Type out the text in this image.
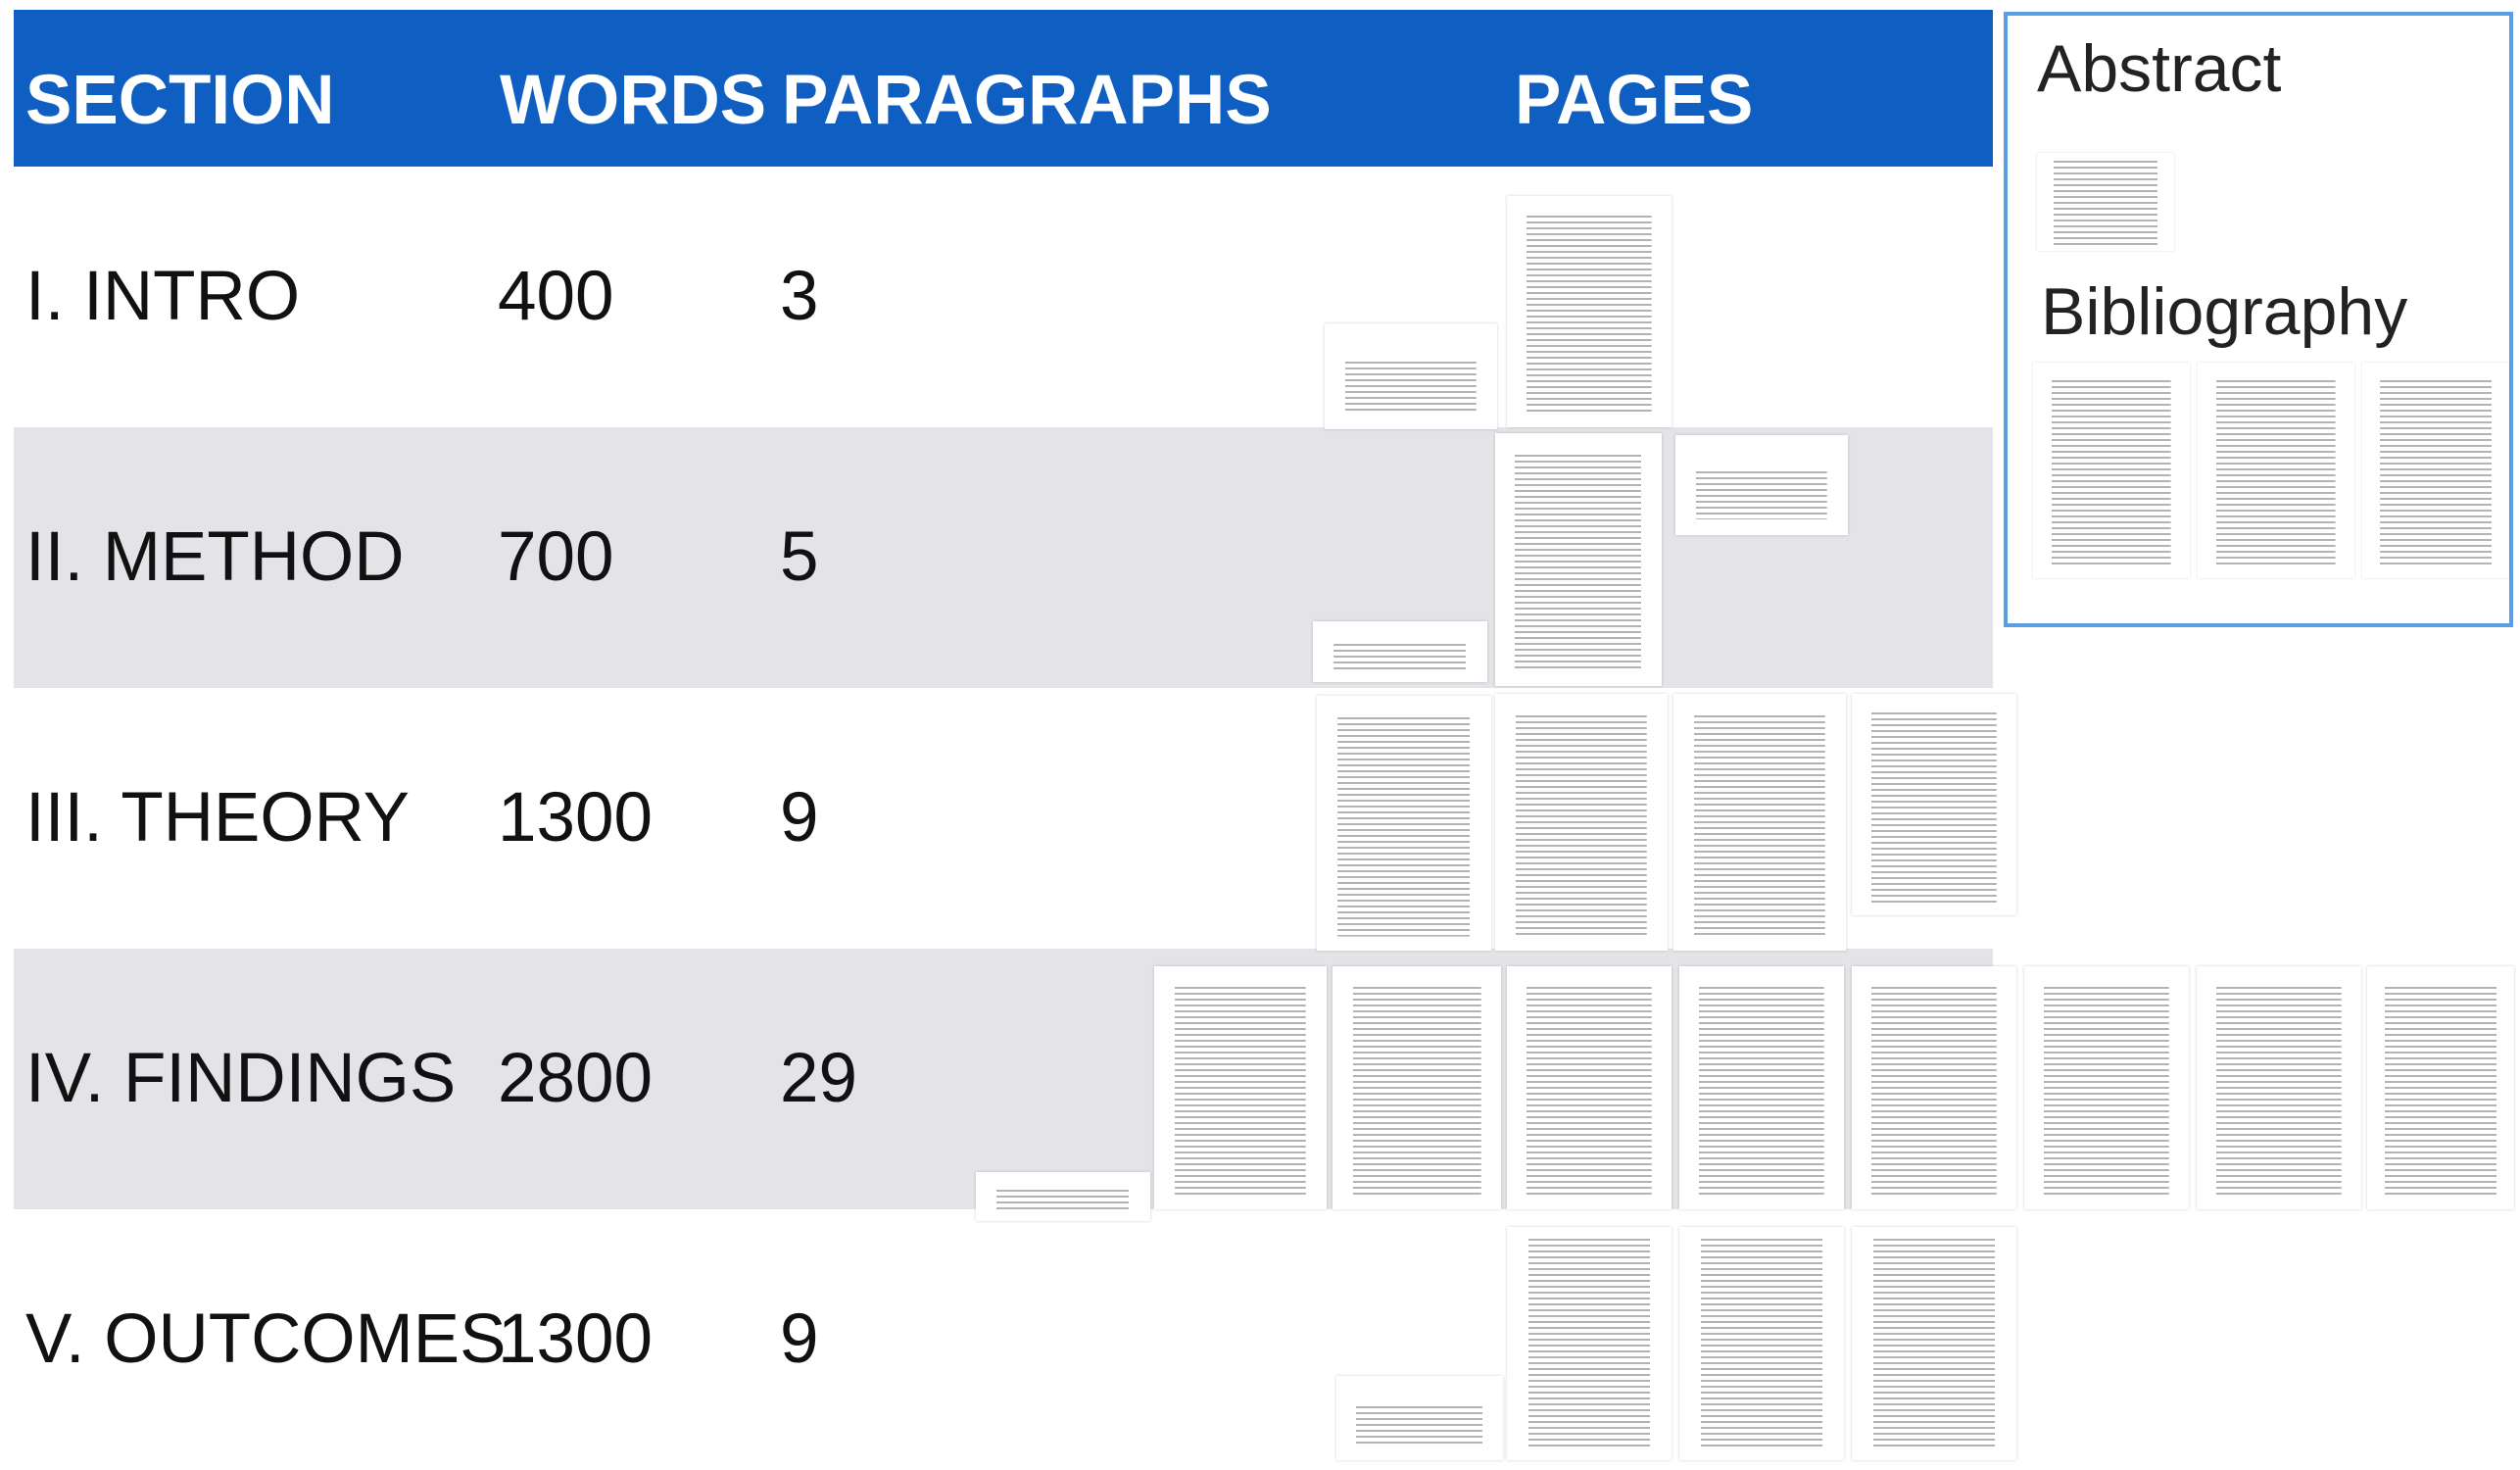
SECTION WORDS PARAGRAPHS	PAGES
I. INTRO	400 3
II. METHOD 700 5
III. THEORY 1300 9
IV. FINDINGS 2800 29
V. OUTCOMES
1300 9
Abstract
Bibliography
